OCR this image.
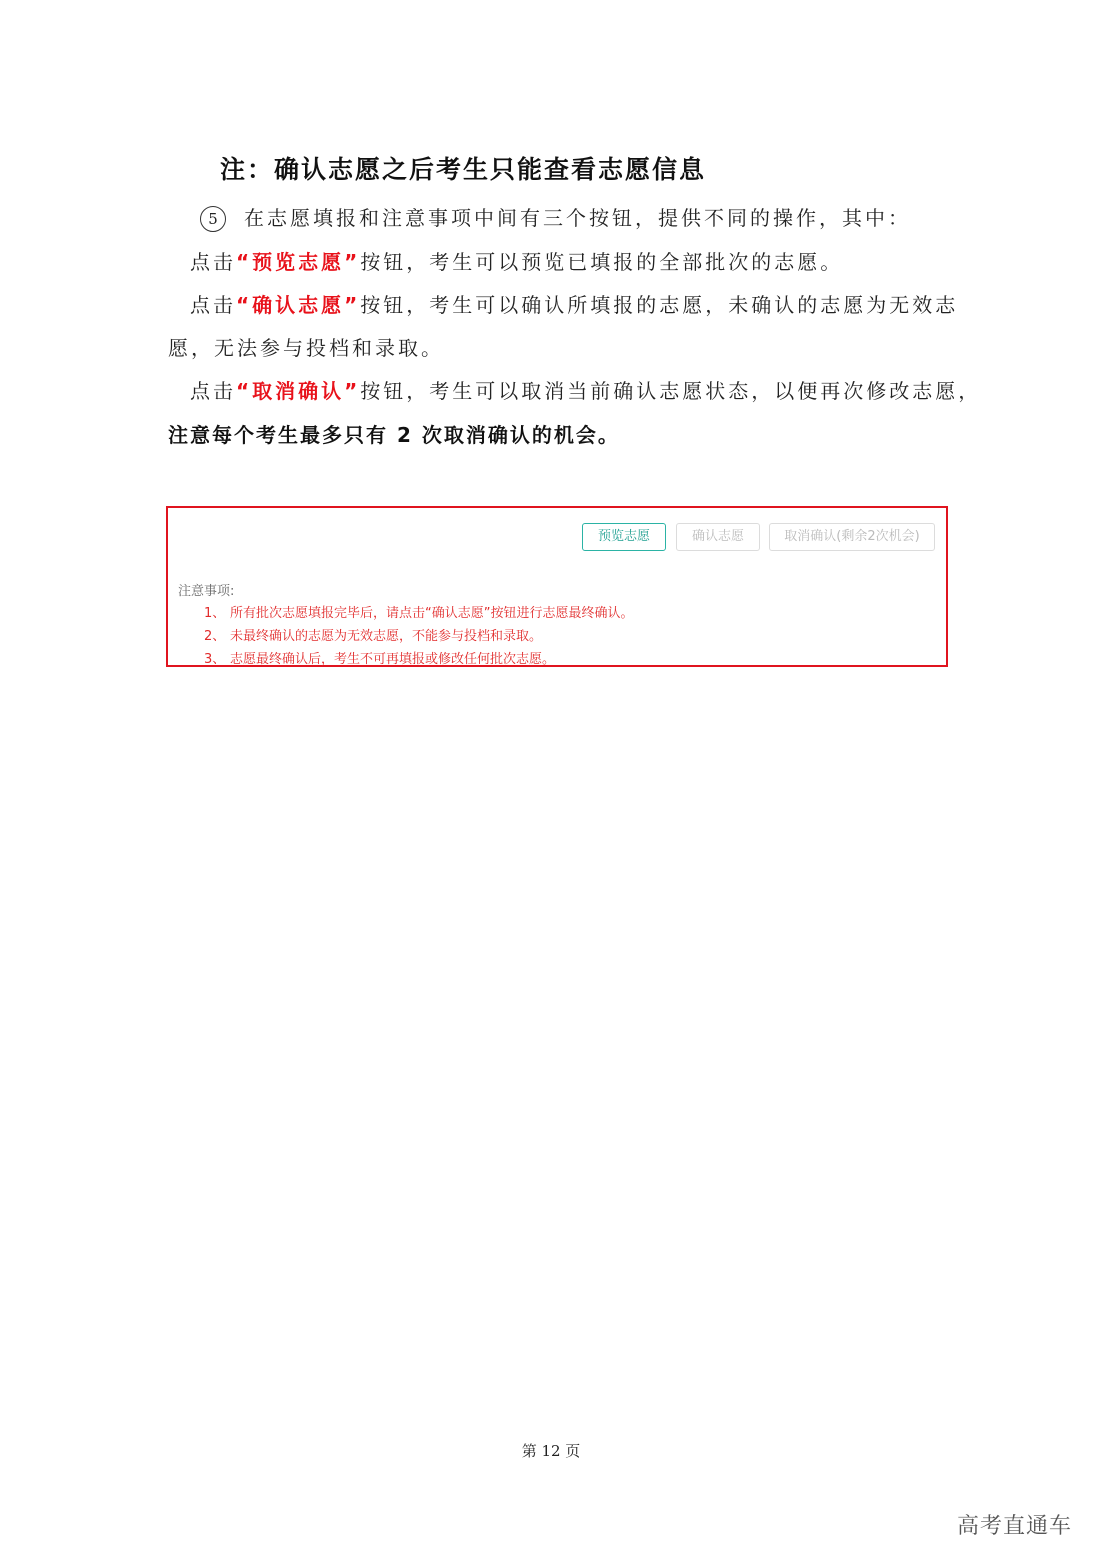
注：确认志愿之后考生只能查看志愿信息
5 在志愿填报和注意事项中间有三个按钮，提供不同的操作，其中：
点击“预览志愿”按钮，考生可以预览已填报的全部批次的志愿。
点击“确认志愿”按钮，考生可以确认所填报的志愿，未确认的志愿为无效志
愿，无法参与投档和录取。
点击“取消确认”按钮，考生可以取消当前确认志愿状态，以便再次修改志愿，
注意每个考生最多只有 2 次取消确认的机会。
预览志愿	确认志愿	取消确认(剩余2次机会)
注意事项:
1、 所有批次志愿填报完毕后，请点击“确认志愿”按钮进行志愿最终确认。
2、 未最终确认的志愿为无效志愿，不能参与投档和录取。
3、 志愿最终确认后，考生不可再填报或修改任何批次志愿。
第 12 页
高考直通车
